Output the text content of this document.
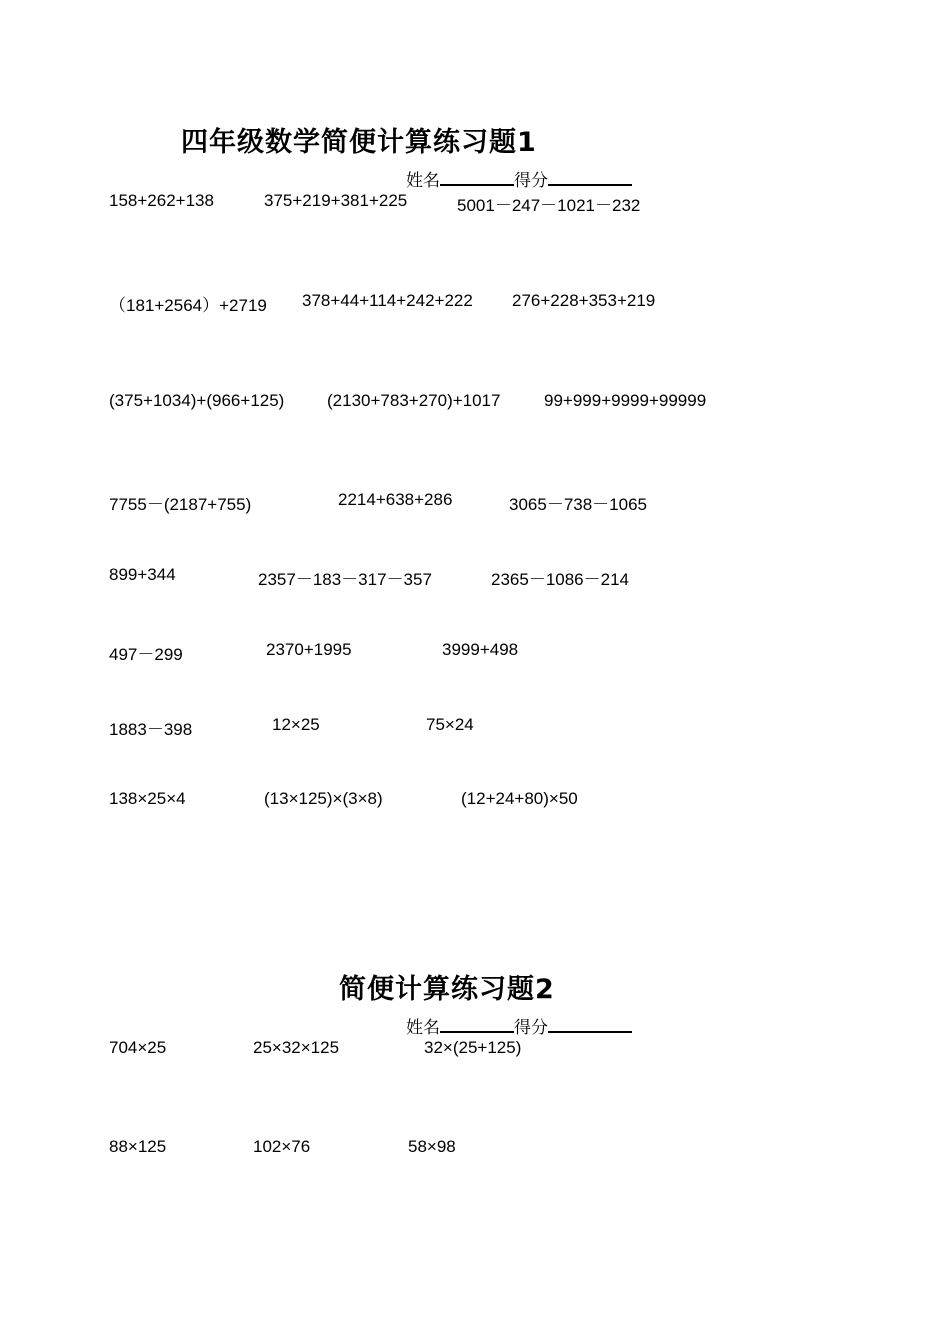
四年级数学简便计算练习题1
姓名	得分
158+262+138	375+219+381+225	5001－247－1021－232
（181+2564）+2719 378+44+114+242+222 276+228+353+219
(375+1034)+(966+125)	(2130+783+270)+1017	99+999+9999+99999
7755－(2187+755)	2214+638+286	3065－738－1065
899+344	2357－183－317－357	2365－1086－214
497－299	2370+1995	3999+498
1883－398	12×25	75×24
138×25×4	(13×125)×(3×8)	(12+24+80)×50
简便计算练习题2
姓名	得分
704×25	25×32×125	32×(25+125)
88×125	102×76	58×98
